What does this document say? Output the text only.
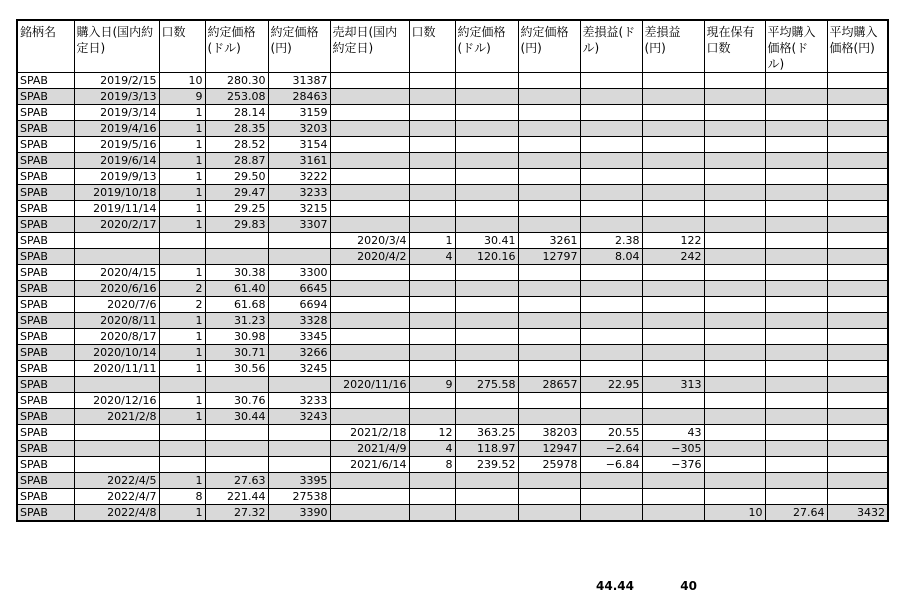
銘柄名	購入日(国内約定日)	口数	約定価格(ドル)	約定価格(円)	売却日(国内約定日)	口数	約定価格(ドル)	約定価格(円)	差損益(ドル)	差損益(円)	現在保有口数	平均購入価格(ドル)	平均購入価格(円)
SPAB	2019/2/15	10	280.30	31387									
SPAB	2019/3/13	9	253.08	28463									
SPAB	2019/3/14	1	28.14	3159									
SPAB	2019/4/16	1	28.35	3203									
SPAB	2019/5/16	1	28.52	3154									
SPAB	2019/6/14	1	28.87	3161									
SPAB	2019/9/13	1	29.50	3222									
SPAB	2019/10/18	1	29.47	3233									
SPAB	2019/11/14	1	29.25	3215									
SPAB	2020/2/17	1	29.83	3307									
SPAB					2020/3/4	1	30.41	3261	2.38	122			
SPAB					2020/4/2	4	120.16	12797	8.04	242			
SPAB	2020/4/15	1	30.38	3300									
SPAB	2020/6/16	2	61.40	6645									
SPAB	2020/7/6	2	61.68	6694									
SPAB	2020/8/11	1	31.23	3328									
SPAB	2020/8/17	1	30.98	3345									
SPAB	2020/10/14	1	30.71	3266									
SPAB	2020/11/11	1	30.56	3245									
SPAB					2020/11/16	9	275.58	28657	22.95	313			
SPAB	2020/12/16	1	30.76	3233									
SPAB	2021/2/8	1	30.44	3243									
SPAB					2021/2/18	12	363.25	38203	20.55	43			
SPAB					2021/4/9	4	118.97	12947	−2.64	−305			
SPAB					2021/6/14	8	239.52	25978	−6.84	−376			
SPAB	2022/4/5	1	27.63	3395									
SPAB	2022/4/7	8	221.44	27538									
SPAB	2022/4/8	1	27.32	3390							10	27.64	3432
44.44	40
